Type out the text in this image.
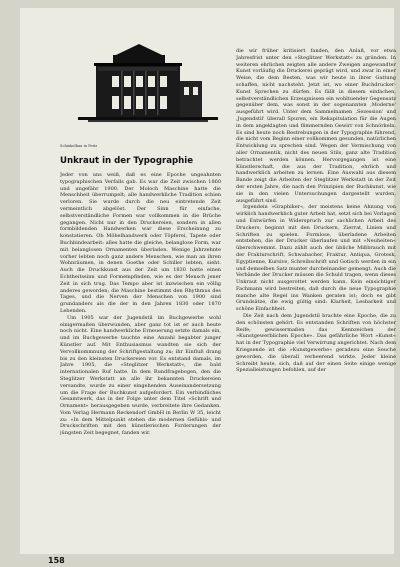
Schinkelbau in Peitz
Unkraut in der Typographie

Jeder von uns weiß, daß es eine Epoche ungeahnten typographischen Verfalls gab. Es war die Zeit zwischen 1860 und ungefähr 1900. Der Moloch Maschine hatte die Menschheit überrumpelt; alle handwerkliche Tradition schien verloren. Sie wurde durch die neu eintretende Zeit vermeintlich abgelöst. Der Sinn für einfache, selbstverständliche Formen war vollkommen in die Brüche gegangen. Nicht nur in den Druckereien, sondern in allen formbildenden Handwerken war diese Erscheinung zu konstatieren. Ob Möbelhandwerk oder Töpferei, Tapete oder Buchbindearbeit: alles hatte die gleiche, belanglose Form, war mit belanglosen Ornamenten überladen. Wenige Jahrzehnte vorher lebten noch ganz andere Menschen, wie man an ihren Wohnräumen, in denen Goethe oder Schiller lebten, sieht. Auch die Druckkunst aus der Zeit um 1830 hatte einen Echtheitssinn und Formempfinden, wie es der Mensch jener Zeit in sich trug. Das Tempo aber ist inzwischen ein völlig anderes geworden; die Maschine bestimmt den Rhythmus des Tages, und die Nerven der Menschen von 1900 sind grundanders als die der in den Jahren 1830 oder 1870 Lebenden.

Um 1905 war der Jugendstil im Buchgewerbe wohl einigermaßen überwunden, aber ganz tot ist er auch heute noch nicht. Eine handwerkliche Erneuerung setzte damals ein, und im Buchgewerbe tauchte eine Anzahl begabter junger Künstler auf. Mit Enthusiasmus wandten sie sich der Vervollkommnung der Schriftgestaltung zu; ihr Einfluß drang bis zu den kleinsten Druckereien vor. Es entstand damals, im Jahre 1905, die »Steglitzer Werkstatt«, die bald internationalen Ruf hatte. In dem Rundfragebogen, den die Steglitzer Werkstatt an alle ihr bekannten Druckereien versandte, wurde zu einer eingehenden Auseinandersetzung um die Frage der Buchkunst aufgefordert. Ein verbindliches Gesamtwerk, das in der Folge unter dem Titel »Schrift und Ornament« herausgegeben wurde, verbreitete ihre Gedanken. Vom Verlag Hermann Reckendorf GmbH in Berlin W 35, leicht zu: »In dem Mittelpunkt stehen die modernen Gefühls- und Druckschriften mit den künstlerischen Forderungen der jüngsten Zeit begegnet, fanden wir.

die wir früher kritisiert fanden, den Anlaß, vor etwa Jahresfrist unter den »Steglitzer Werkstatt« zu gründen. In weiteren ehrlichen zeigten alle andere Zweigen angewandter Kunst vorläufig die Druckerei geprägt wird, und zwar in einer Weise, die dem Besten, was wir heute in ihrer Gattung schaffen, nicht nachsteht. Jetzt ist, wo einer Buchdrucker-Kunst Sprechen zu dürfen. Es fällt in diesem einfachen, selbstverständlichen Erzeugnissen ein wohltuender Gegensatz gegenüber dem, was sonst in der sogenannten ‚Moderne' ausgeführt wird. Unter dem Sammelnamen ‚Sezession' und ‚Jugendstil' überall Spuren, ein Rekapitulation für die Augen in dem angeklagten und flimmernden Gewirr von Schnörkeln. Es sind heute noch Bestrebungen in der Typographie führend, die nicht vom Beginn einer vollkommen gesunden, natürlichen Entwicklung zu sprechen sind. Wegen der Vermischung von aller Ornamentik, nicht des neuen Stils, ganz alte Tradition betrachtet werden können. Hervorgegangen ist eine Künstlerschaft, die aus der Tradition, ehrlich und handwerklich arbeiten zu lernen. Eine Auswahl aus diesem Bande zeigt die Arbeiten der Steglitzer Werkstatt in der Zeit der ersten Jahre, die nach den Prinzipien der Buchkunst, wie sie in den vielen Untersuchungen dargestellt wurden, ausgeführt sind.

Irgendein »Graphiker«, der meistens keine Ahnung von wirklich handwerklich guter Arbeit hat, setzt sich bei Vorlagen und Entwürfen in Widerspruch zur sachlichen Arbeit des Druckers; beginnt mit den Druckern, Zierrat, Linien und Schriften zu spielen. Formlose, überladene Arbeiten entstehen, die der Drucker überlaufen und mit »Neuheiten« überschwemmt. Dazu zählt auch der übliche Mißbrauch mit der Frakturschrift, Schwabacher, Fraktur, Antiqua, Grotesk, Egyptienne, Kursive, Schreibschrift und Gotisch werden in ein und demselben Satz munter durcheinander gemengt. Auch die Verbände der Drucker müssen die Schuld tragen, wenn dieses Unkraut nicht ausgerottet werden kann. Kein einsichtiger Fachmann wird bestreiten, daß durch die neue Typographie manche alte Regel ins Wanken geraten ist; doch es gibt Grundsätze, die ewig gültig sind: Klarheit, Lesbarkeit und schöne Einfachheit.

Die Zeit nach dem Jugendstil brachte eine Epoche, die zu den schönsten gehört. Es entstanden Schriften von höchster Reife; gewissermaßen das Kennzeichen der »Kunstgewerblichen Epoche«. Das gefährliche Wort »Kunst« hat in der Typographie viel Verwirrung angerichtet. Nach dem Kriegsende ist die »Kunstgewerbe« geradezu eine Seuche geworden, die überall verheerend wirkte. Jeder kleine Schreibt heute, sich, daß auf der einen Seite einige wenige Spezialleistungen befohlen, auf der

158
